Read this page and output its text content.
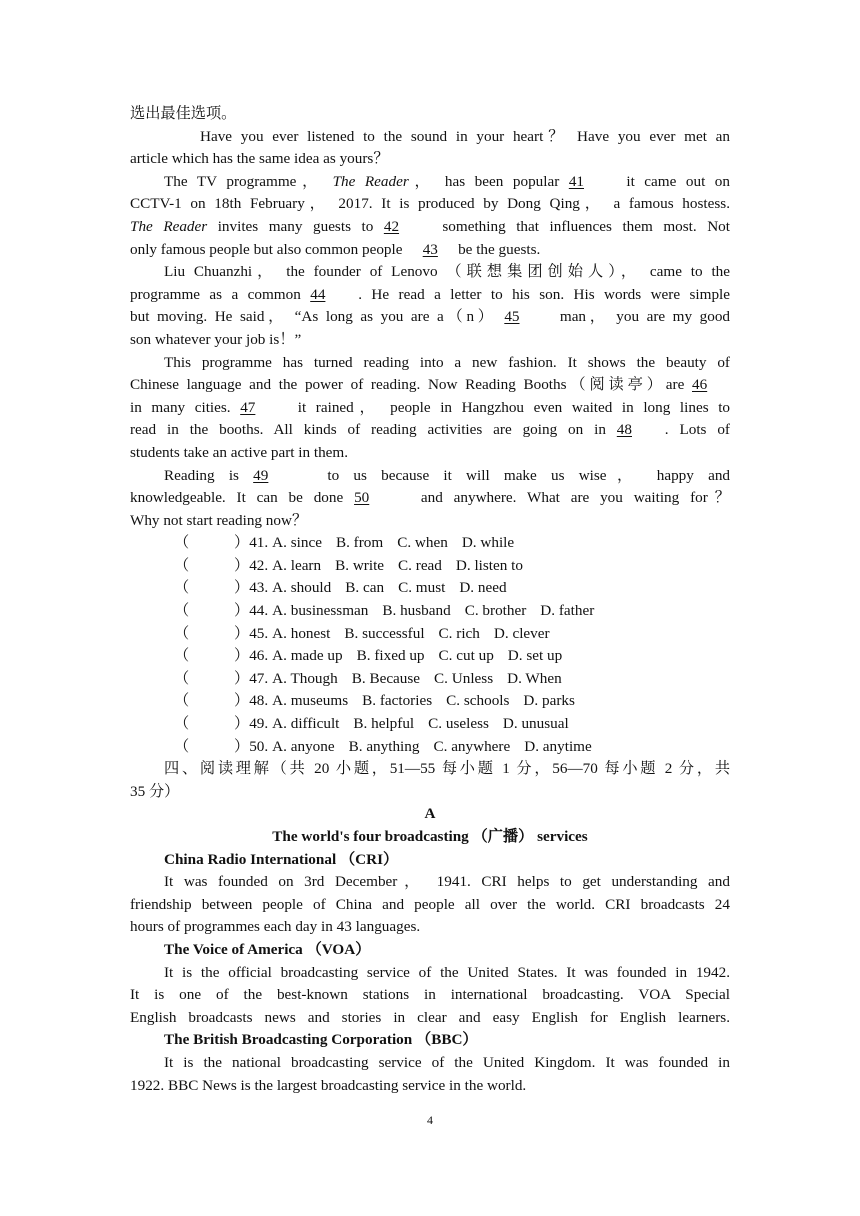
选出最佳选项。
Have you ever listened to the sound in your heart？ Have you ever met an
article which has the same idea as yours？
The TV programme， The Reader， has been popular 41	it came out on
CCTV-1 on 18th February， 2017. It is produced by Dong Qing， a famous hostess.
The Reader invites many guests to 42	something that influences them most. Not
only famous people but also common people 43 be the guests.
Liu Chuanzhi， the founder of Lenovo （联想集团创始人）， came to the
programme as a common 44 . He read a letter to his son. His words were simple
but moving. He said， “As long as you are a（n） 45	man， you are my good
son whatever your job is！”
This programme has turned reading into a new fashion. It shows the beauty of
Chinese language and the power of reading. Now Reading Booths（阅读亭）are 46
in many cities. 47	it rained， people in Hangzhou even waited in long lines to
read in the booths. All kinds of reading activities are going on in 48 . Lots of
students take an active part in them.
Reading is 49	to us because it will make us wise， happy and
knowledgeable. It can be done 50	and anywhere. What are you waiting for？
Why not start reading now？
（	）41. A. since B. from C. when D. while
（	）42. A. learn B. write C. read D. listen to
（	）43. A. should B. can C. must D. need
（	）44. A. businessman B. husband C. brother D. father
（	）45. A. honest B. successful C. rich D. clever
（	）46. A. made up B. fixed up C. cut up D. set up
（	）47. A. Though B. Because C. Unless D. When
（	）48. A. museums B. factories C. schools D. parks
（	）49. A. difficult B. helpful C. useless D. unusual
（	）50. A. anyone B. anything C. anywhere D. anytime
四、阅读理解（共 20 小题，51—55 每小题 1 分，56—70 每小题 2 分，共
35 分）
A
The world's four broadcasting （广播） services
China Radio International （CRI）
It was founded on 3rd December， 1941. CRI helps to get understanding and
friendship between people of China and people all over the world. CRI broadcasts 24
hours of programmes each day in 43 languages.
The Voice of America （VOA）
It is the official broadcasting service of the United States. It was founded in 1942.
It is one of the best-known stations in international broadcasting. VOA Special
English broadcasts news and stories in clear and easy English for English learners.
The British Broadcasting Corporation （BBC）
It is the national broadcasting service of the United Kingdom. It was founded in
1922. BBC News is the largest broadcasting service in the world.
4
